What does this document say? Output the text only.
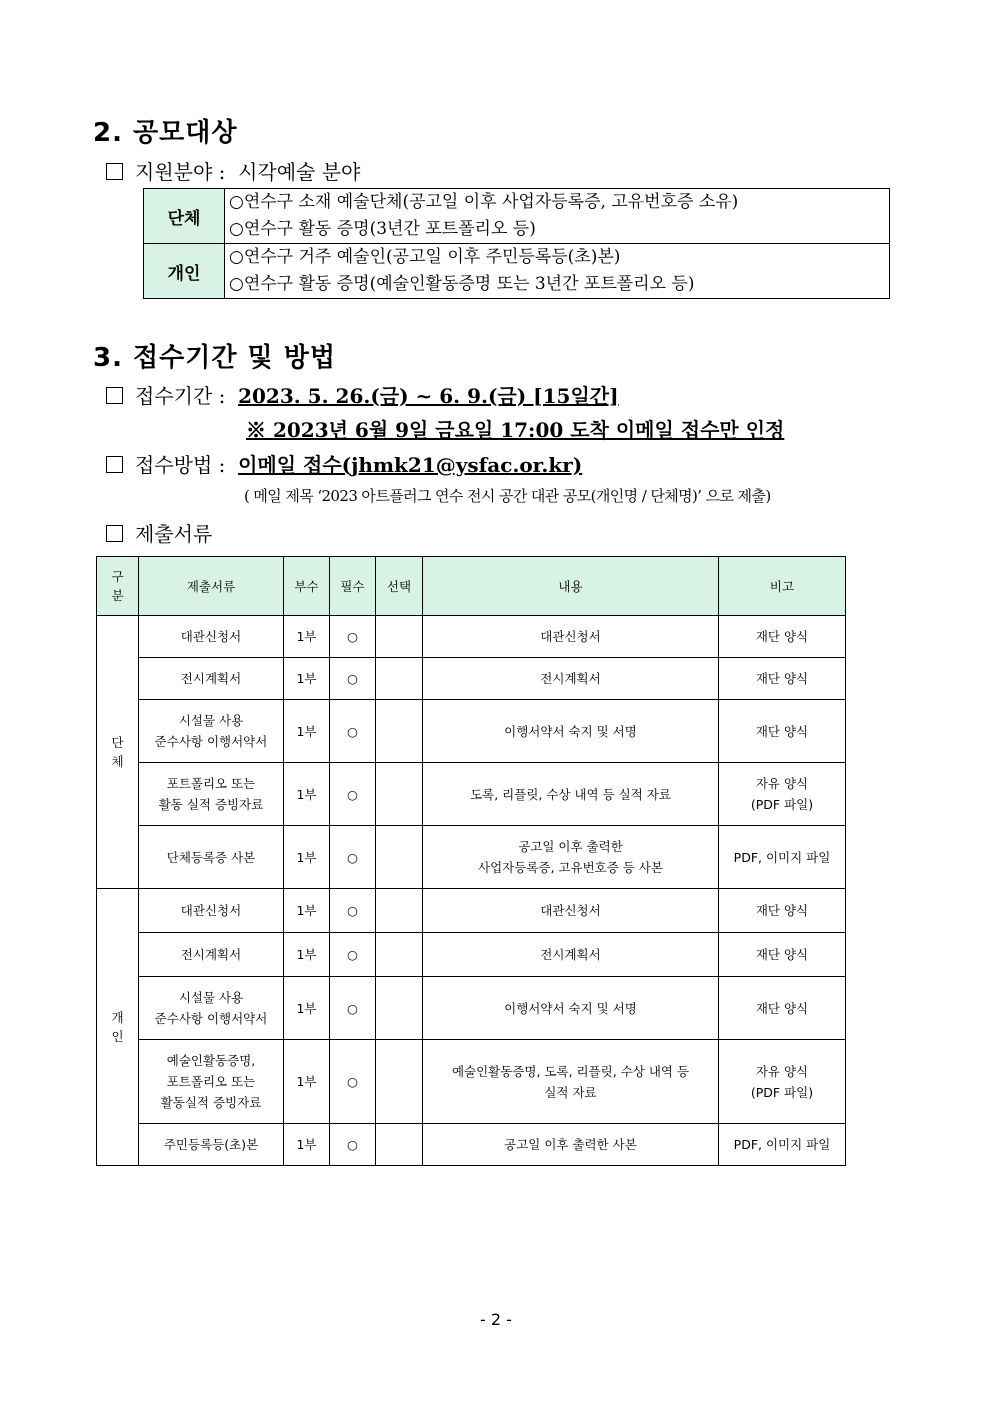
2. 공모대상
지원분야 :  시각예술 분야
단체	○연수구 소재 예술단체(공고일 이후 사업자등록증, 고유번호증 소유)
○연수구 활동 증명(3년간 포트폴리오 등)

개인	○연수구 거주 예술인(공고일 이후 주민등록등(초)본)
○연수구 활동 증명(예술인활동증명 또는 3년간 포트폴리오 등)
3. 접수기간 및 방법
접수기간 :  2023. 5. 26.(금) ~ 6. 9.(금) [15일간]
※ 2023년 6월 9일 금요일 17:00 도착 이메일 접수만 인정
접수방법 :  이메일 접수(jhmk21@ysfac.or.kr)
( 메일 제목 ‘2023 아트플러그 연수 전시 공간 대관 공모(개인명 / 단체명)’ 으로 제출)
제출서류
구
분	제출서류	부수	필수	선택	내용	비고
단
체	대관신청서	1부	○		대관신청서	재단 양식
	전시계획서	1부	○		전시계획서	재단 양식
	시설물 사용
준수사항 이행서약서	1부	○		이행서약서 숙지 및 서명	재단 양식
	포트폴리오 또는
활동 실적 증빙자료	1부	○		도록, 리플릿, 수상 내역 등 실적 자료	자유 양식
(PDF 파일)
	단체등록증 사본	1부	○		공고일 이후 출력한
사업자등록증, 고유번호증 등 사본	PDF, 이미지 파일
개
인	대관신청서	1부	○		대관신청서	재단 양식
	전시계획서	1부	○		전시계획서	재단 양식
	시설물 사용
준수사항 이행서약서	1부	○		이행서약서 숙지 및 서명	재단 양식
	예술인활동증명,
포트폴리오 또는
활동실적 증빙자료	1부	○		예술인활동증명, 도록, 리플릿, 수상 내역 등
실적 자료	자유 양식
(PDF 파일)
	주민등록등(초)본	1부	○		공고일 이후 출력한 사본	PDF, 이미지 파일
- 2 -
